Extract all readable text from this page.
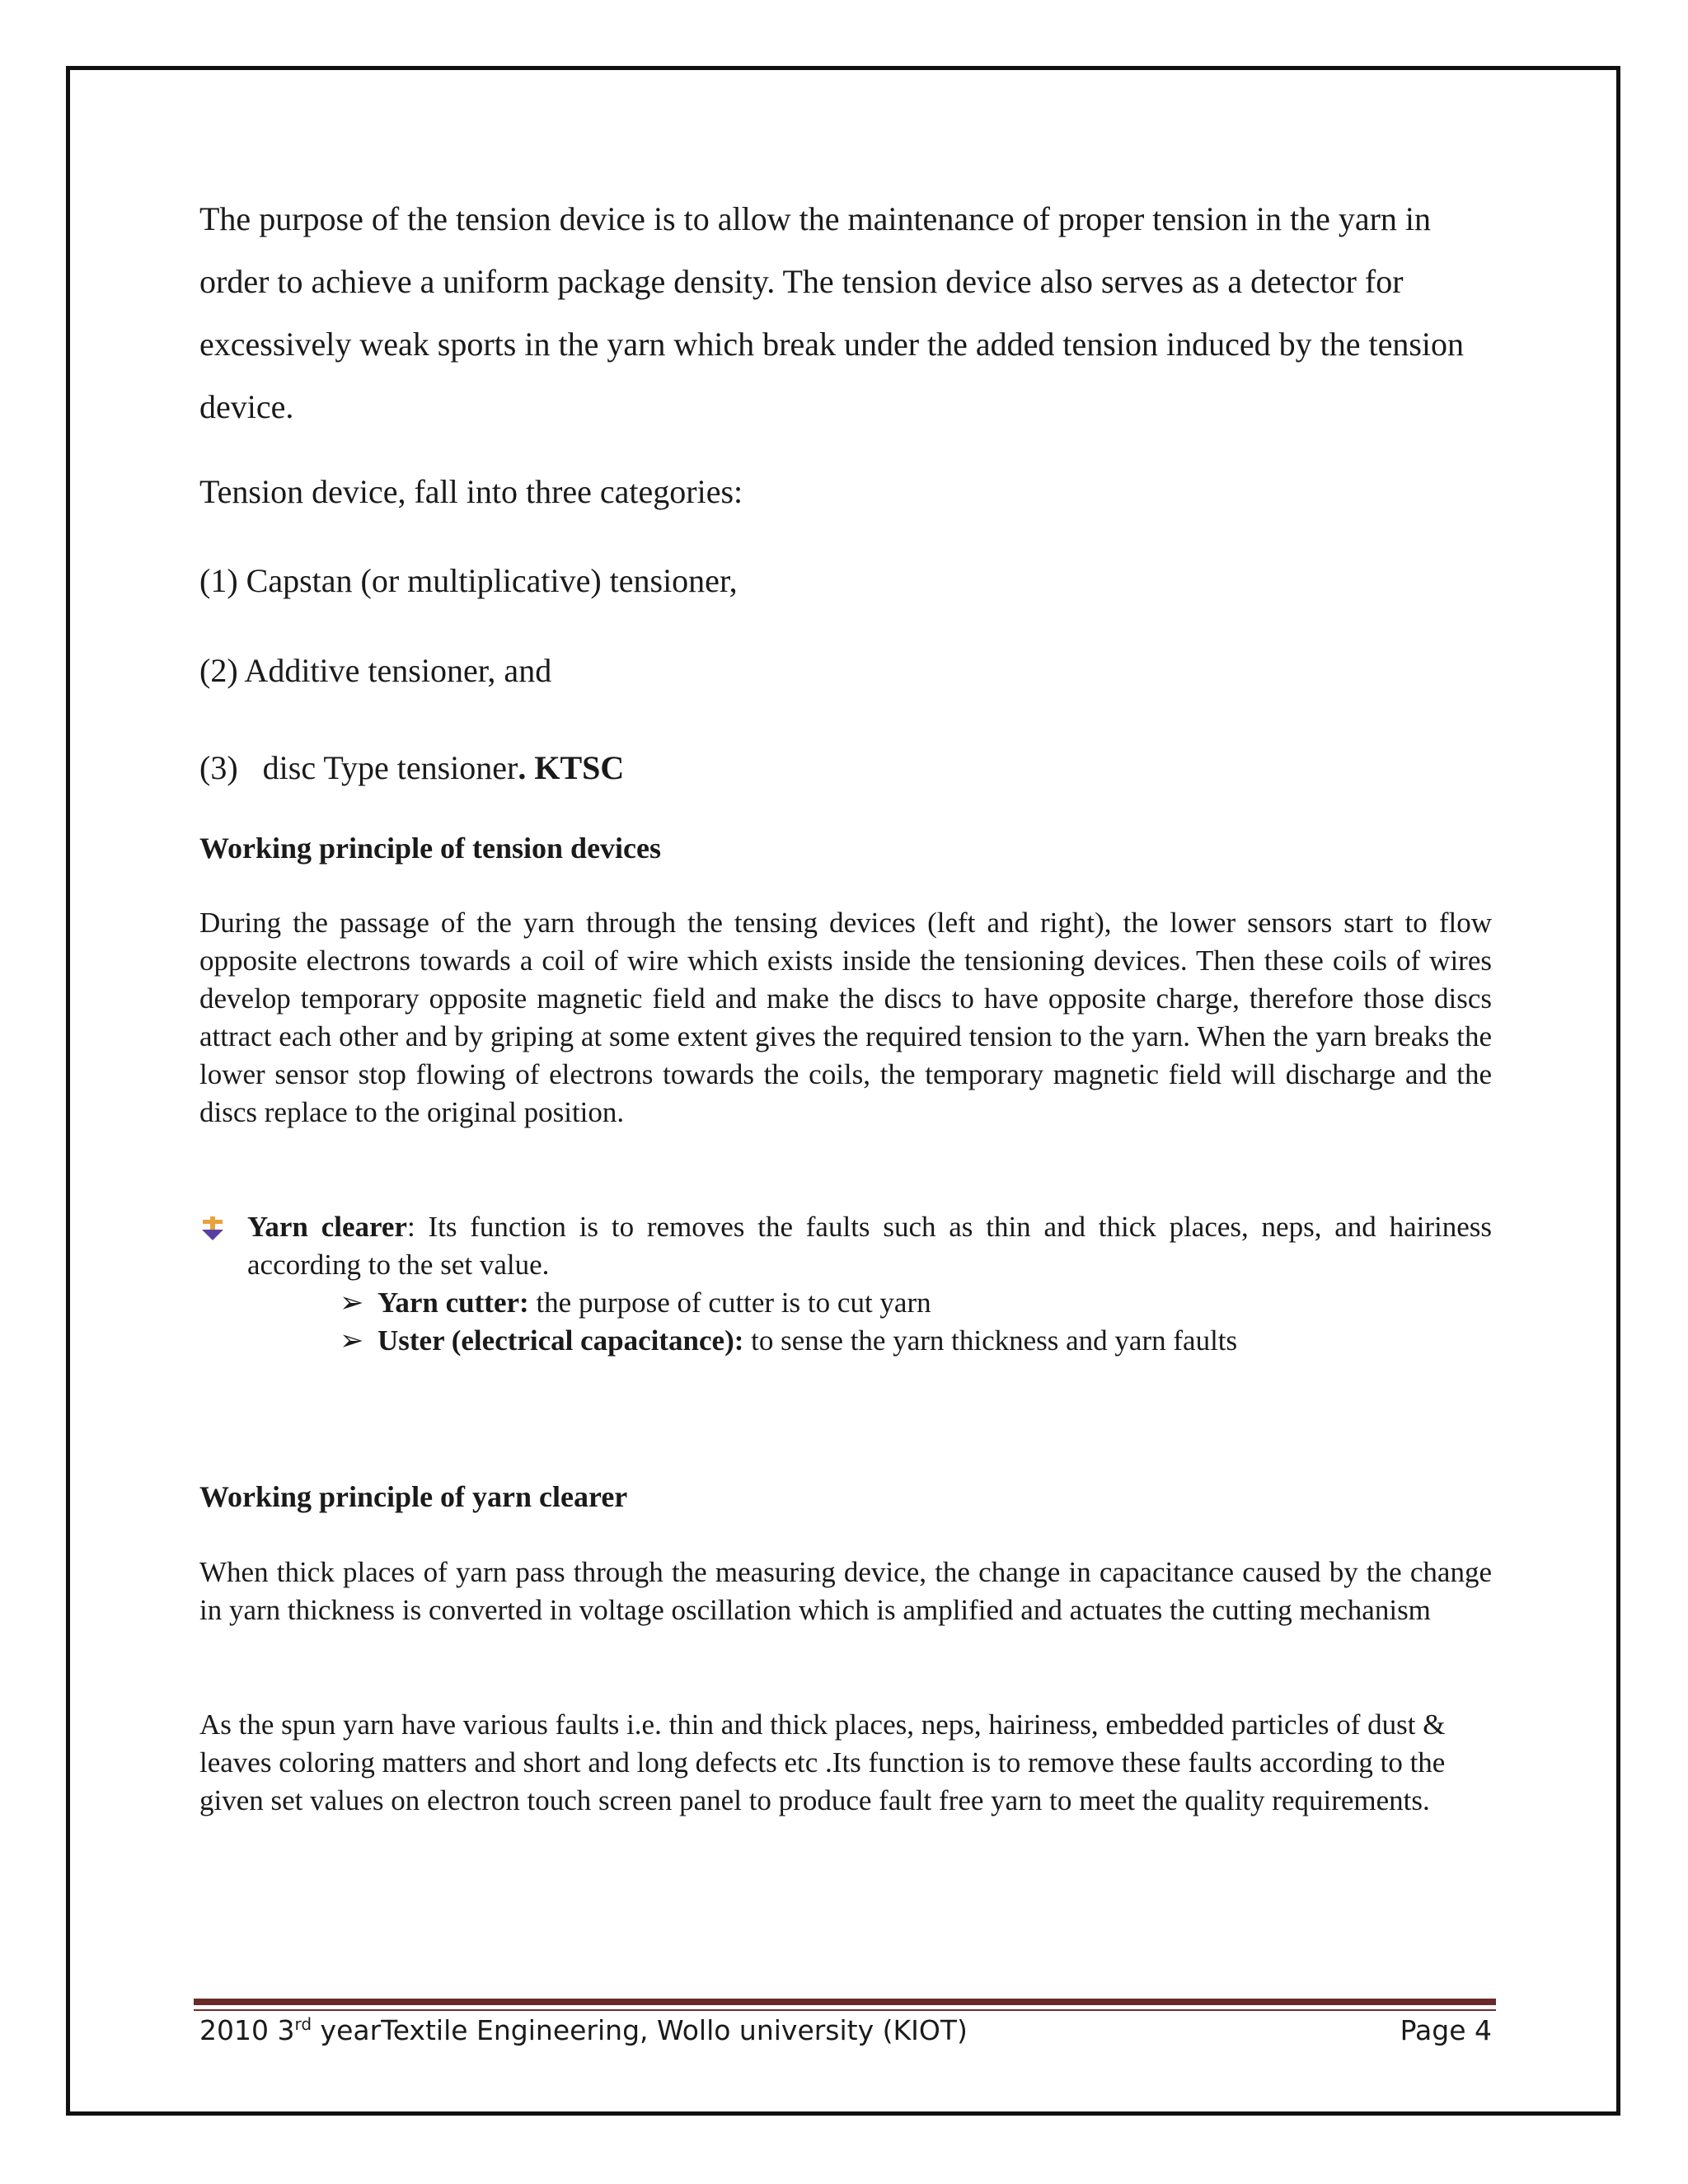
The purpose of the tension device is to allow the maintenance of proper tension in the yarn in order to achieve a uniform package density. The tension device also serves as a detector for excessively weak sports in the yarn which break under the added tension induced by the tension device.

Tension device, fall into three categories:

(1) Capstan (or multiplicative) tensioner,

(2) Additive tensioner, and

(3) disc Type tensioner. KTSC

Working principle of tension devices

During the passage of the yarn through the tensing devices (left and right), the lower sensors start to flow opposite electrons towards a coil of wire which exists inside the tensioning devices. Then these coils of wires develop temporary opposite magnetic field and make the discs to have opposite charge, therefore those discs attract each other and by griping at some extent gives the required tension to the yarn. When the yarn breaks the lower sensor stop flowing of electrons towards the coils, the temporary magnetic field will discharge and the discs replace to the original position.

Yarn clearer: Its function is to removes the faults such as thin and thick places, neps, and hairiness according to the set value.
➢ Yarn cutter: the purpose of cutter is to cut yarn
➢ Uster (electrical capacitance): to sense the yarn thickness and yarn faults

Working principle of yarn clearer

When thick places of yarn pass through the measuring device, the change in capacitance caused by the change in yarn thickness is converted in voltage oscillation which is amplified and actuates the cutting mechanism

As the spun yarn have various faults i.e. thin and thick places, neps, hairiness, embedded particles of dust & leaves coloring matters and short and long defects etc .Its function is to remove these faults according to the given set values on electron touch screen panel to produce fault free yarn to meet the quality requirements.

2010 3rd yearTextile Engineering, Wollo university (KIOT)	Page 4
